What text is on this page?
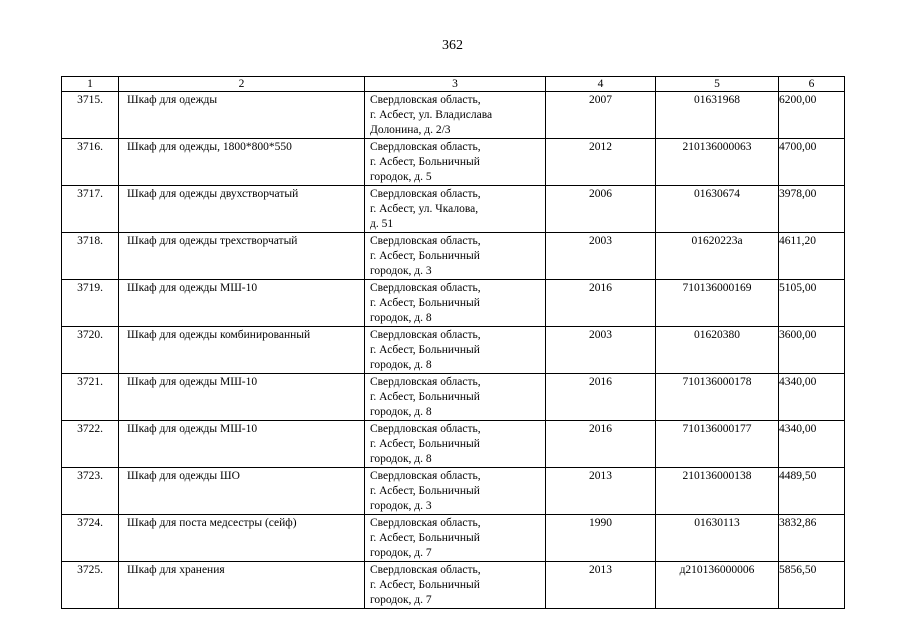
362
1	2	3	4	5	6
3715.	Шкаф для одежды	Свердловская область,
г. Асбест, ул. Владислава
Долонина, д. 2/3	2007	01631968	6200,00
3716.	Шкаф для одежды, 1800*800*550	Свердловская область,
г. Асбест, Больничный
городок, д. 5	2012	210136000063	4700,00
3717.	Шкаф для одежды двухстворчатый	Свердловская область,
г. Асбест, ул. Чкалова,
д. 51	2006	01630674	3978,00
3718.	Шкаф для одежды трехстворчатый	Свердловская область,
г. Асбест, Больничный
городок, д. 3	2003	01620223а	4611,20
3719.	Шкаф для одежды МШ-10	Свердловская область,
г. Асбест, Больничный
городок, д. 8	2016	710136000169	5105,00
3720.	Шкаф для одежды комбинированный	Свердловская область,
г. Асбест, Больничный
городок, д. 8	2003	01620380	3600,00
3721.	Шкаф для одежды МШ-10	Свердловская область,
г. Асбест, Больничный
городок, д. 8	2016	710136000178	4340,00
3722.	Шкаф для одежды МШ-10	Свердловская область,
г. Асбест, Больничный
городок, д. 8	2016	710136000177	4340,00
3723.	Шкаф для одежды ШО	Свердловская область,
г. Асбест, Больничный
городок, д. 3	2013	210136000138	4489,50
3724.	Шкаф для поста медсестры (сейф)	Свердловская область,
г. Асбест, Больничный
городок, д. 7	1990	01630113	3832,86
3725.	Шкаф для хранения	Свердловская область,
г. Асбест, Больничный
городок, д. 7	2013	д210136000006	5856,50
